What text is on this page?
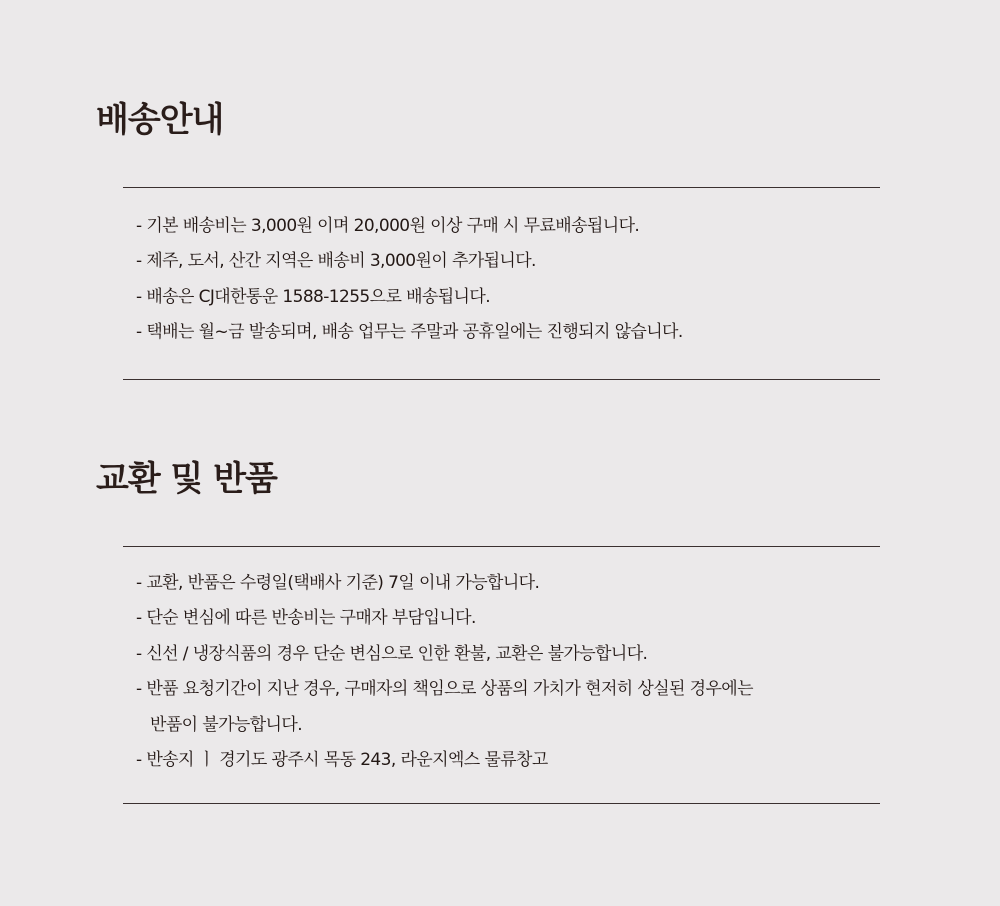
배송안내
- 기본 배송비는 3,000원 이며 20,000원 이상 구매 시 무료배송됩니다.
- 제주, 도서, 산간 지역은 배송비 3,000원이 추가됩니다.
- 배송은 CJ대한통운 1588-1255으로 배송됩니다.
- 택배는 월~금 발송되며, 배송 업무는 주말과 공휴일에는 진행되지 않습니다.
교환 및 반품
- 교환, 반품은 수령일(택배사 기준) 7일 이내 가능합니다.
- 단순 변심에 따른 반송비는 구매자 부담입니다.
- 신선 / 냉장식품의 경우 단순 변심으로 인한 환불, 교환은 불가능합니다.
- 반품 요청기간이 지난 경우, 구매자의 책임으로 상품의 가치가 현저히 상실된 경우에는
반품이 불가능합니다.
- 반송지 ㅣ 경기도 광주시 목동 243, 라운지엑스 물류창고
